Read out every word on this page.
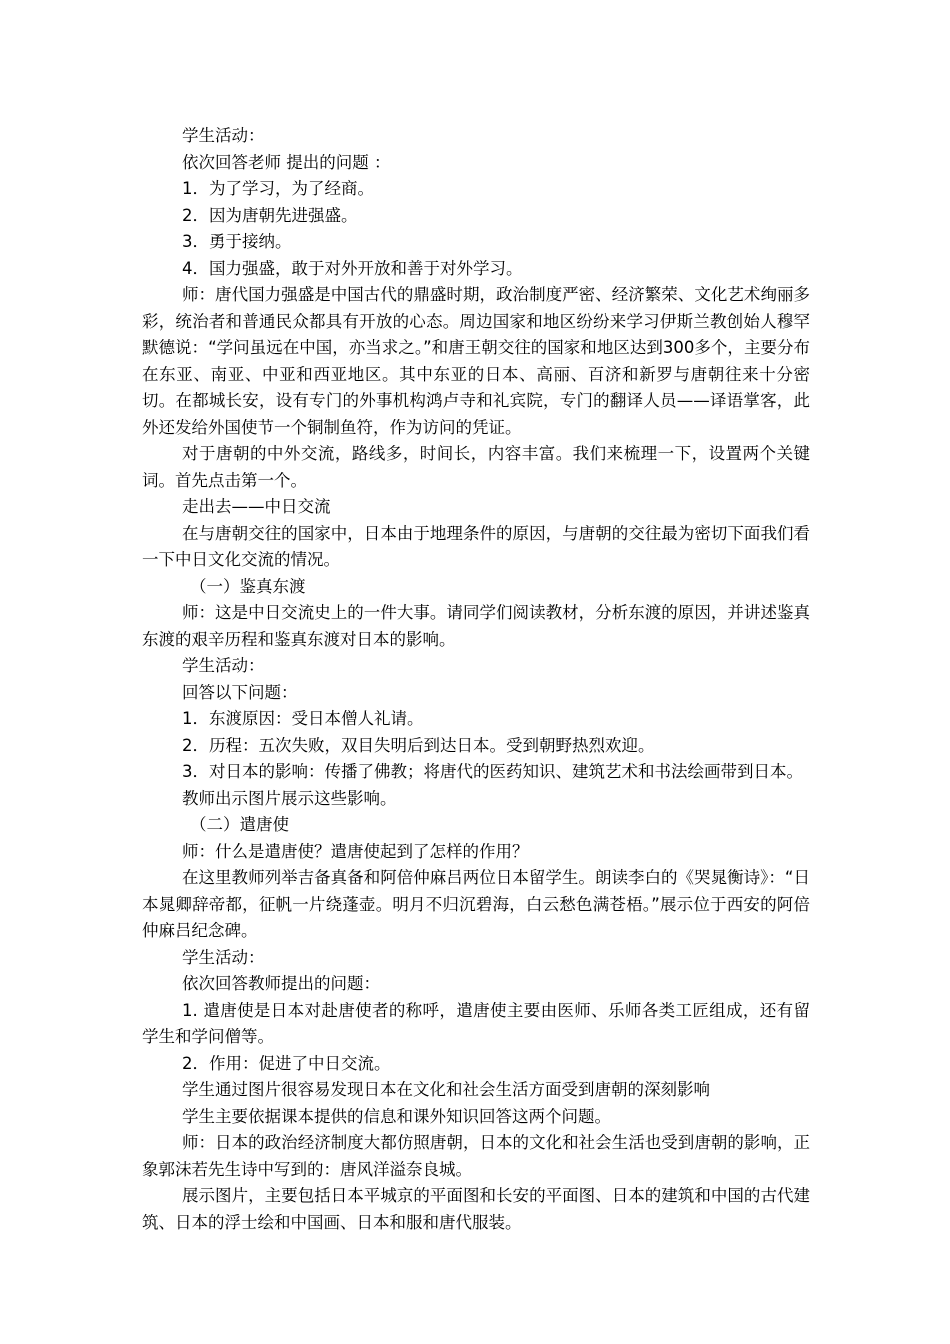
学生活动：

依次回答老师 提出的问题 ：

1．为了学习，为了经商。

2．因为唐朝先进强盛。

3．勇于接纳。

4．国力强盛，敢于对外开放和善于对外学习。

师：唐代国力强盛是中国古代的鼎盛时期，政治制度严密、经济繁荣、文化艺术绚丽多彩，统治者和普通民众都具有开放的心态。周边国家和地区纷纷来学习伊斯兰教创始人穆罕默德说：“学问虽远在中国，亦当求之。”和唐王朝交往的国家和地区达到300多个，主要分布在东亚、南亚、中亚和西亚地区。其中东亚的日本、高丽、百济和新罗与唐朝往来十分密切。在都城长安，设有专门的外事机构鸿卢寺和礼宾院，专门的翻译人员——译语掌客，此外还发给外国使节一个铜制鱼符，作为访问的凭证。

对于唐朝的中外交流，路线多，时间长，内容丰富。我们来梳理一下，设置两个关键词。首先点击第一个。

走出去——中日交流

在与唐朝交往的国家中，日本由于地理条件的原因，与唐朝的交往最为密切下面我们看一下中日文化交流的情况。

（一）鉴真东渡

师：这是中日交流史上的一件大事。请同学们阅读教材，分析东渡的原因，并讲述鉴真东渡的艰辛历程和鉴真东渡对日本的影响。

学生活动：

回答以下问题：

1．东渡原因：受日本僧人礼请。

2．历程：五次失败，双目失明后到达日本。受到朝野热烈欢迎。

3．对日本的影响：传播了佛教；将唐代的医药知识、建筑艺术和书法绘画带到日本。

教师出示图片展示这些影响。

（二）遣唐使

师：什么是遣唐使？遣唐使起到了怎样的作用？

在这里教师列举吉备真备和阿倍仲麻吕两位日本留学生。朗读李白的《哭晁衡诗》：“日本晁卿辞帝都，征帆一片绕蓬壶。明月不归沉碧海，白云愁色满苍梧。”展示位于西安的阿倍仲麻吕纪念碑。

学生活动：

依次回答教师提出的问题：

1. 遣唐使是日本对赴唐使者的称呼，遣唐使主要由医师、乐师各类工匠组成，还有留学生和学问僧等。

2．作用：促进了中日交流。

学生通过图片很容易发现日本在文化和社会生活方面受到唐朝的深刻影响

学生主要依据课本提供的信息和课外知识回答这两个问题。

师：日本的政治经济制度大都仿照唐朝，日本的文化和社会生活也受到唐朝的影响，正象郭沫若先生诗中写到的：唐风洋溢奈良城。

展示图片，主要包括日本平城京的平面图和长安的平面图、日本的建筑和中国的古代建筑、日本的浮士绘和中国画、日本和服和唐代服装。
